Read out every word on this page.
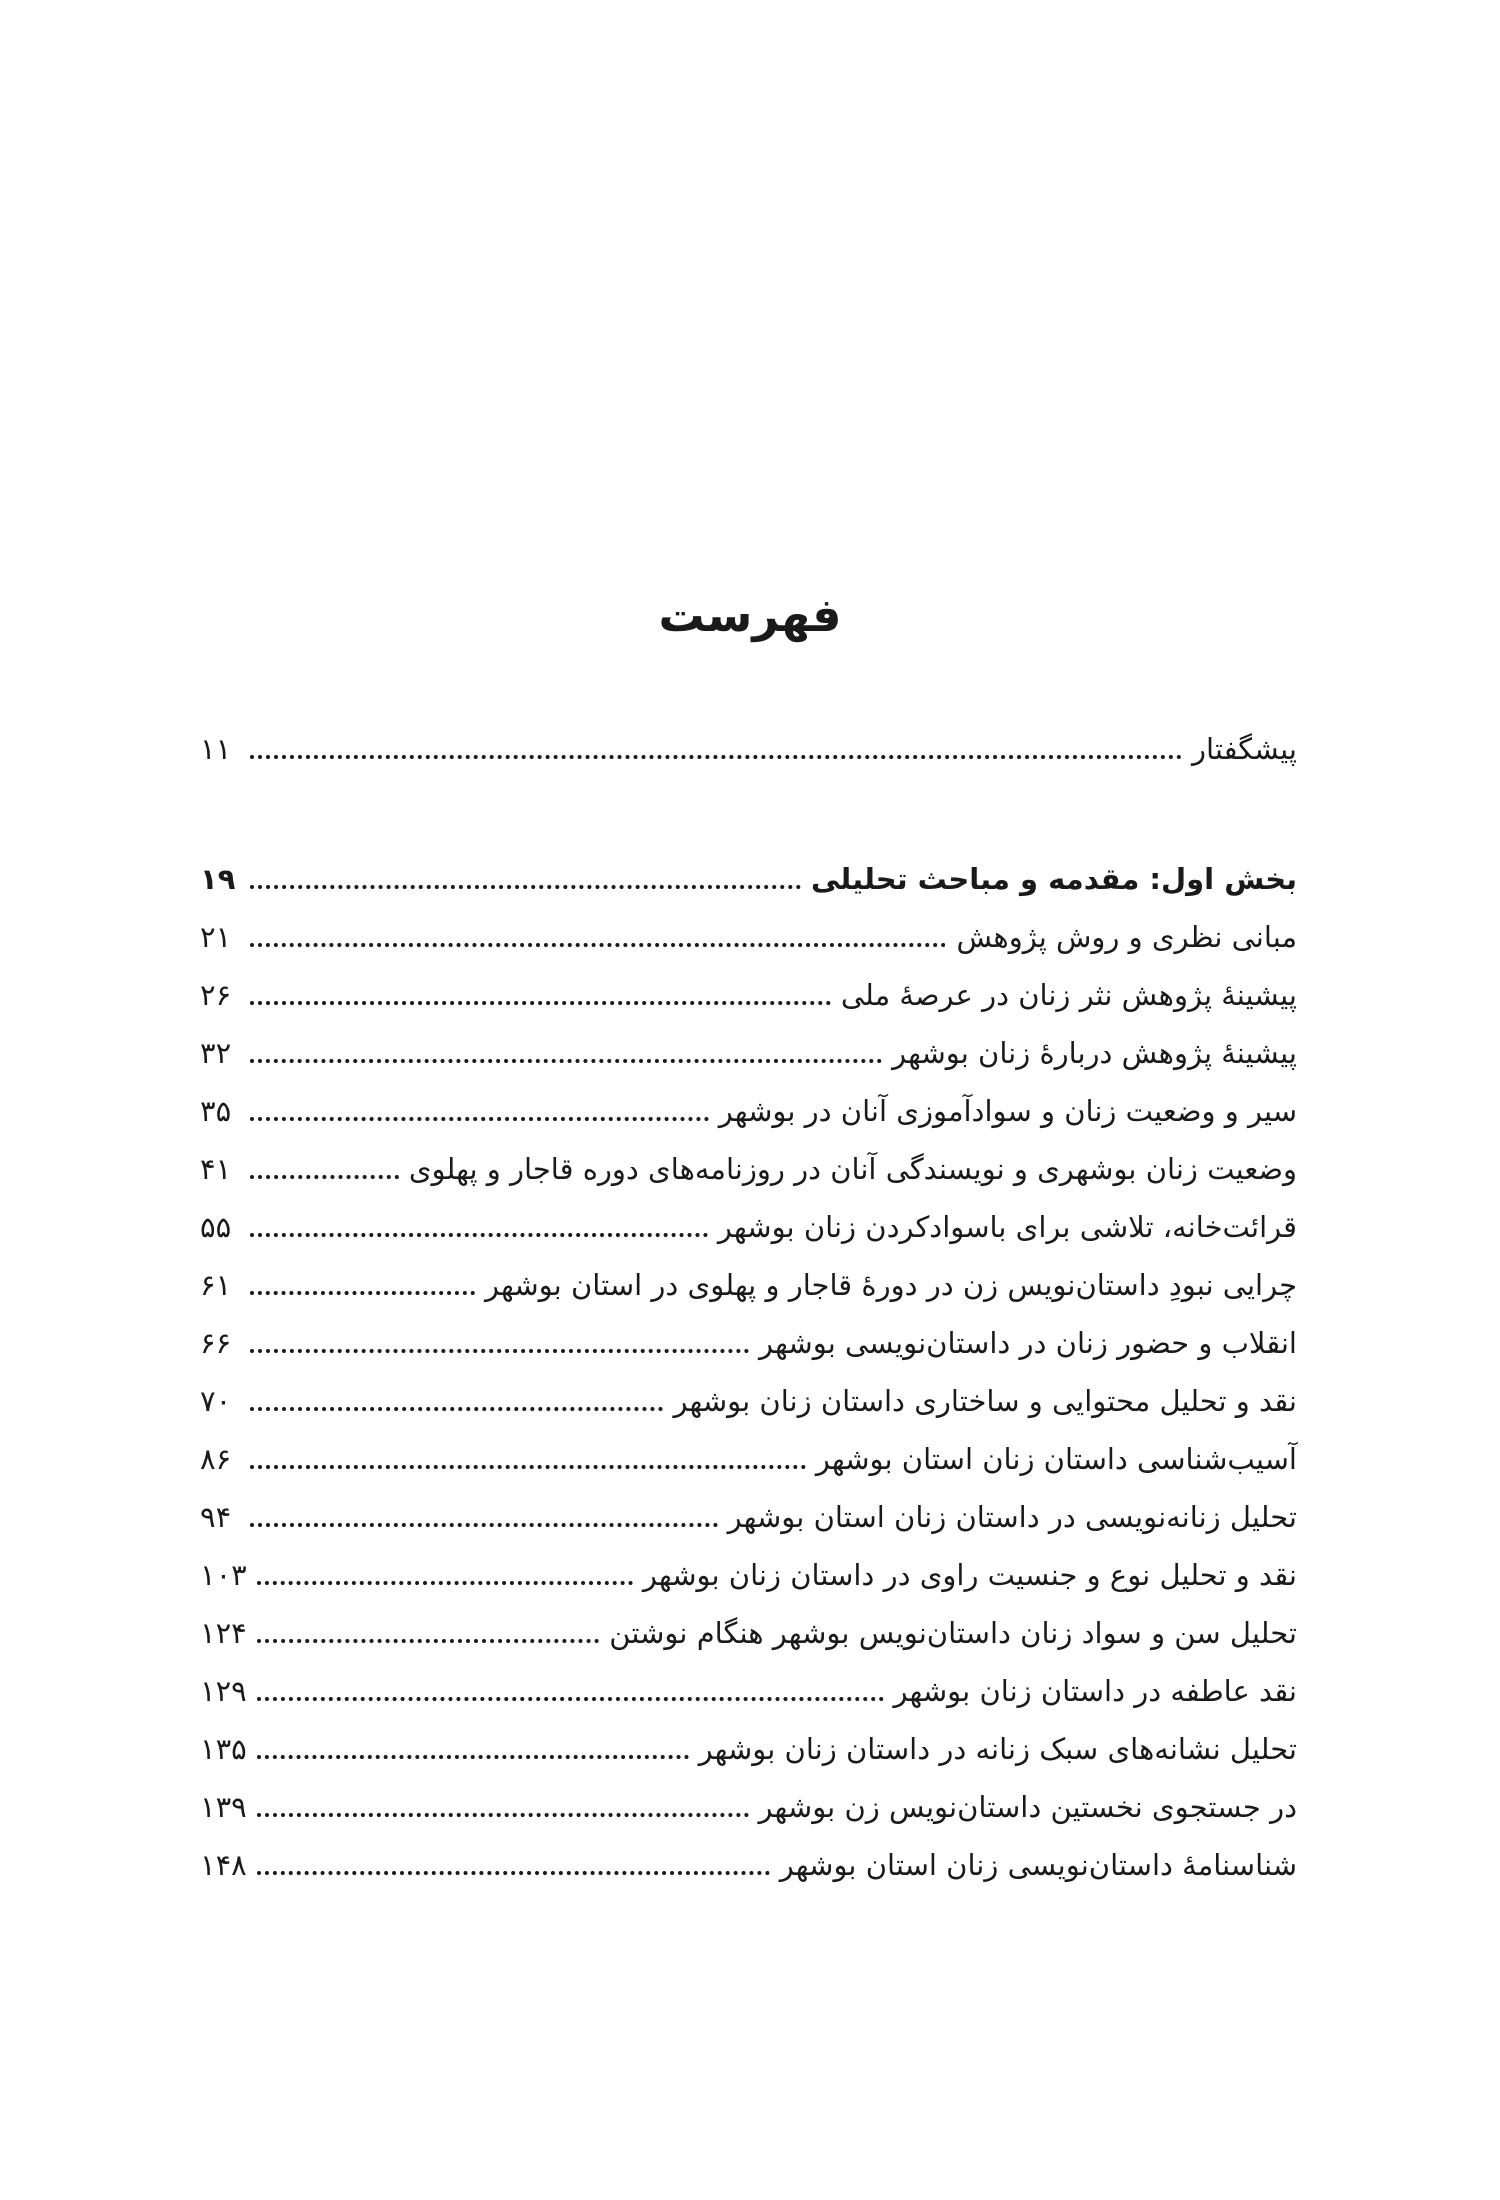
فهرست
پیشگفتار
۱۱
بخش اول: مقدمه و مباحث تحلیلی
۱۹
مبانی نظری و روش پژوهش
۲۱
پیشینۀ پژوهش نثر زنان در عرصۀ ملی
۲۶
پیشینۀ پژوهش دربارۀ زنان بوشهر
۳۲
سیر و وضعیت زنان و سوادآموزی آنان در بوشهر
۳۵
وضعیت زنان بوشهری و نویسندگی آنان در روزنامه‌های دوره قاجار و پهلوی
۴۱
قرائت‌خانه، تلاشی برای باسوادکردن زنان بوشهر
۵۵
چرایی نبودِ داستان‌نویس زن در دورۀ قاجار و پهلوی در استان بوشهر
۶۱
انقلاب و حضور زنان در داستان‌نویسی بوشهر
۶۶
نقد و تحلیل محتوایی و ساختاری داستان زنان بوشهر
۷۰
آسیب‌شناسی داستان زنان استان بوشهر
۸۶
تحلیل زنانه‌نویسی در داستان زنان استان بوشهر
۹۴
نقد و تحلیل نوع و جنسیت راوی در داستان زنان بوشهر
۱۰۳
تحلیل سن و سواد زنان داستان‌نویس بوشهر هنگام نوشتن
۱۲۴
نقد عاطفه در داستان زنان بوشهر
۱۲۹
تحلیل نشانه‌های سبک زنانه در داستان زنان بوشهر
۱۳۵
در جستجوی نخستین داستان‌نویس زن بوشهر
۱۳۹
شناسنامۀ داستان‌نویسی زنان استان بوشهر
۱۴۸
